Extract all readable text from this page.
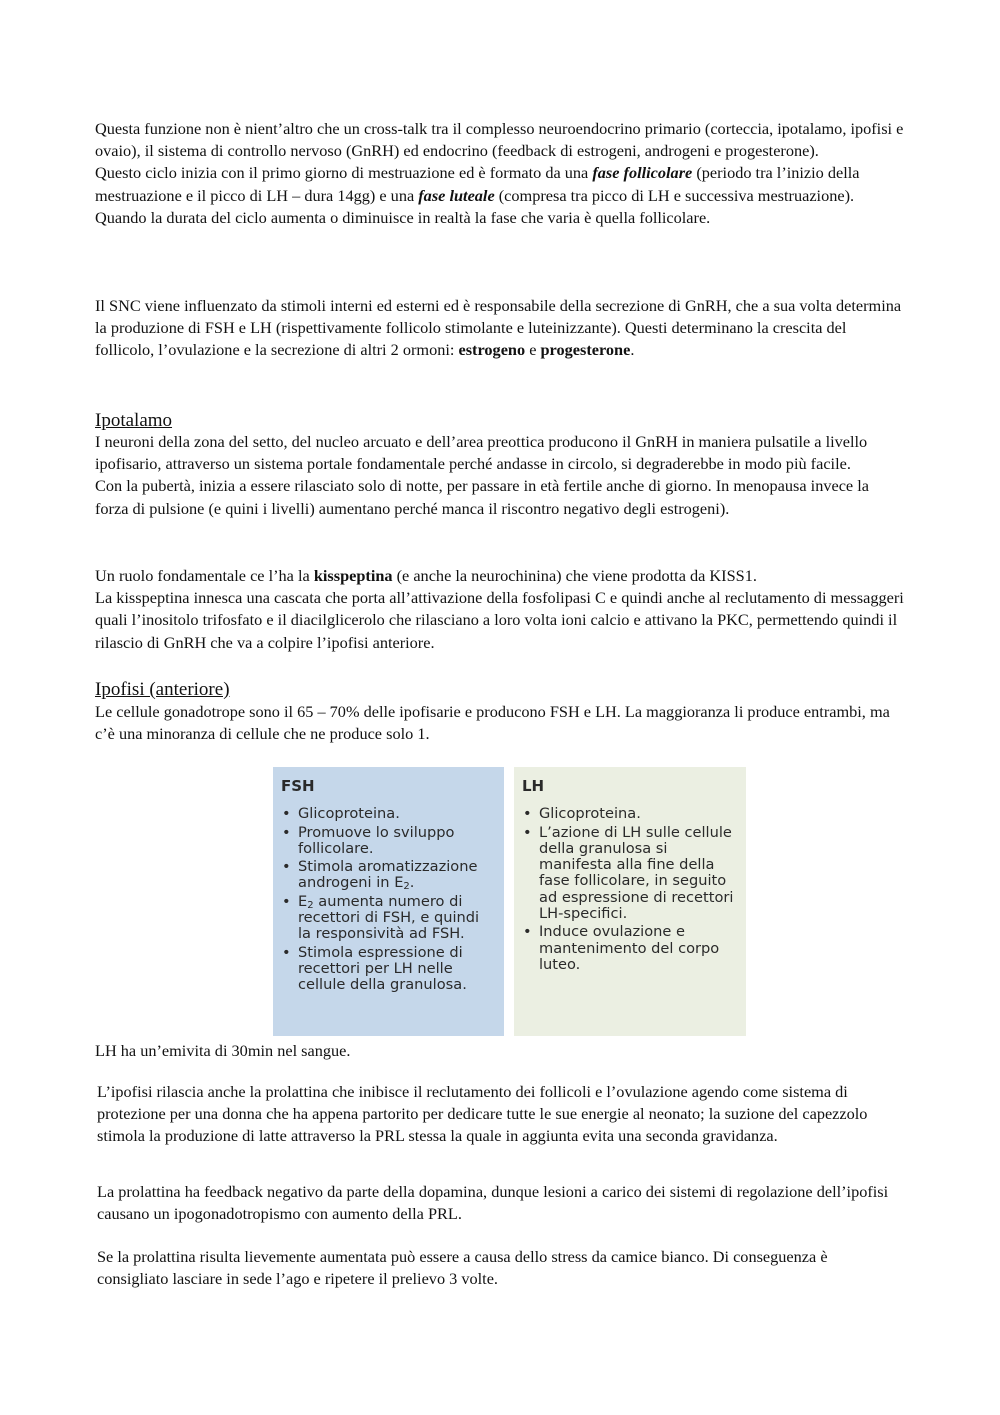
Questa funzione non è nient’altro che un cross-talk tra il complesso neuroendocrino primario (corteccia, ipotalamo, ipofisi e ovaio), il sistema di controllo nervoso (GnRH) ed endocrino (feedback di estrogeni, androgeni e progesterone).

Questo ciclo inizia con il primo giorno di mestruazione ed è formato da una fase follicolare (periodo tra l’inizio della mestruazione e il picco di LH – dura 14gg) e una fase luteale (compresa tra picco di LH e successiva mestruazione). Quando la durata del ciclo aumenta o diminuisce in realtà la fase che varia è quella follicolare.

Il SNC viene influenzato da stimoli interni ed esterni ed è responsabile della secrezione di GnRH, che a sua volta determina la produzione di FSH e LH (rispettivamente follicolo stimolante e luteinizzante). Questi determinano la crescita del follicolo, l’ovulazione e la secrezione di altri 2 ormoni: estrogeno e progesterone.

Ipotalamo

I neuroni della zona del setto, del nucleo arcuato e dell’area preottica producono il GnRH in maniera pulsatile a livello ipofisario, attraverso un sistema portale fondamentale perché andasse in circolo, si degraderebbe in modo più facile.

Con la pubertà, inizia a essere rilasciato solo di notte, per passare in età fertile anche di giorno. In menopausa invece la forza di pulsione (e quini i livelli) aumentano perché manca il riscontro negativo degli estrogeni).

Un ruolo fondamentale ce l’ha la kisspeptina (e anche la neurochinina) che viene prodotta da KISS1.

La kisspeptina innesca una cascata che porta all’attivazione della fosfolipasi C e quindi anche al reclutamento di messaggeri quali l’inositolo trifosfato e il diacilglicerolo che rilasciano a loro volta ioni calcio e attivano la PKC, permettendo quindi il rilascio di GnRH che va a colpire l’ipofisi anteriore.

Ipofisi (anteriore)

Le cellule gonadotrope sono il 65 – 70% delle ipofisarie e producono FSH e LH. La maggioranza li produce entrambi, ma c’è una minoranza di cellule che ne produce solo 1.

FSH
• Glicoproteina.
• Promuove lo sviluppo follicolare.
• Stimola aromatizzazione androgeni in $E_2$.
• $E_2$ aumenta numero di recettori di FSH, e quindi la responsività ad FSH.
• Stimola espressione di recettori per LH nelle cellule della granulosa.
LH
• Glicoproteina.
• L’azione di LH sulle cellule della granulosa si manifesta alla fine della fase follicolare, in seguito ad espressione di recettori LH-specifici.
• Induce ovulazione e mantenimento del corpo luteo.
LH ha un’emivita di 30min nel sangue.
L’ipofisi rilascia anche la prolattina che inibisce il reclutamento dei follicoli e l’ovulazione agendo come sistema di protezione per una donna che ha appena partorito per dedicare tutte le sue energie al neonato; la suzione del capezzolo stimola la produzione di latte attraverso la PRL stessa la quale in aggiunta evita una seconda gravidanza.
La prolattina ha feedback negativo da parte della dopamina, dunque lesioni a carico dei sistemi di regolazione dell’ipofisi causano un ipogonadotropismo con aumento della PRL.
Se la prolattina risulta lievemente aumentata può essere a causa dello stress da camice bianco. Di conseguenza è consigliato lasciare in sede l’ago e ripetere il prelievo 3 volte.
